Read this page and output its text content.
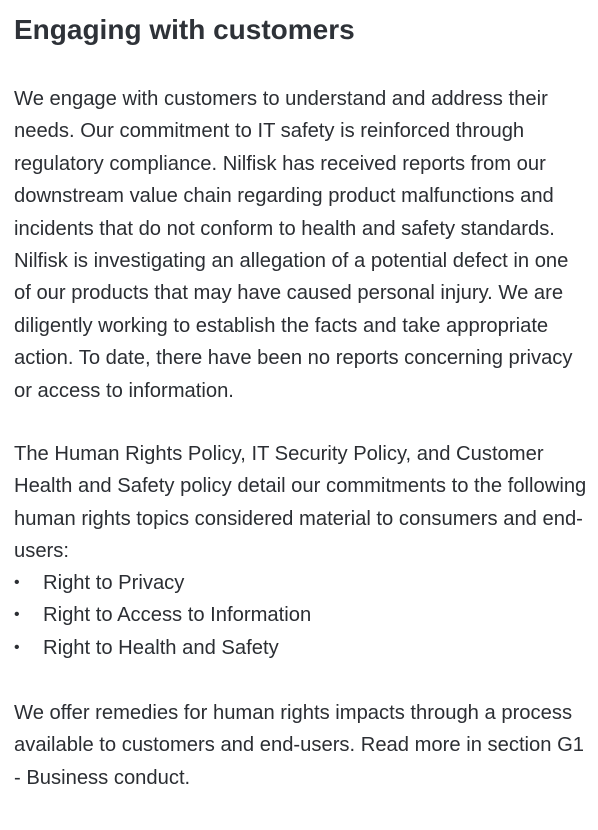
Engaging with customers

We engage with customers to understand and address their needs. Our commitment to IT safety is reinforced through regulatory compliance. Nilfisk has received reports from our downstream value chain regarding product malfunctions and incidents that do not conform to health and safety standards. Nilfisk is investigating an allegation of a potential defect in one of our products that may have caused personal injury. We are diligently working to establish the facts and take appropriate action. To date, there have been no reports concerning privacy or access to information.

The Human Rights Policy, IT Security Policy, and Customer Health and Safety policy detail our commitments to the following human rights topics considered material to consumers and end-users:

• Right to Privacy
• Right to Access to Information
• Right to Health and Safety

We offer remedies for human rights impacts through a process available to customers and end-users. Read more in section G1 - Business conduct.
